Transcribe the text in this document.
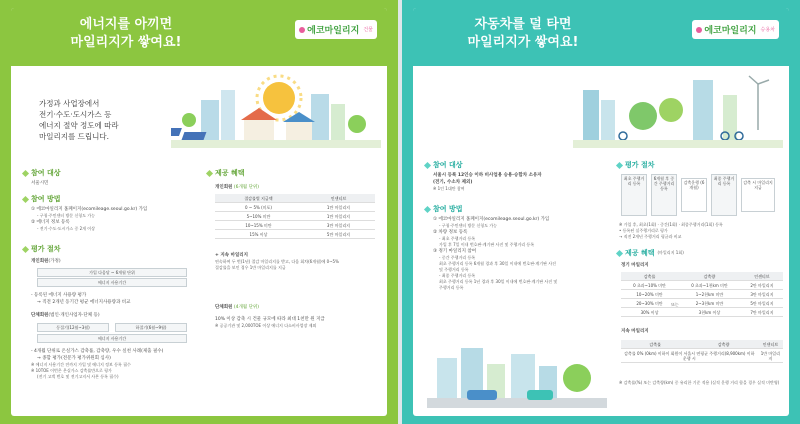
에너지를 아끼면
마일리지가 쌓여요!
에코마일리지 건물
가정과 사업장에서
전기·수도·도시가스 등
에너지 절약 정도에 따라
마일리지를 드립니다.
참여 대상
서울시민
참여 방법
① 에코마일리지 홈페이지(ecomileage.seoul.go.kr) 가입
- 구청·주민센터 방문 신청도 가능
② 에너지 정보 등록
- 전기·수도·도시가스 중 2개 이상
평가 절차
개인회원(가정)
가입 다음달 ~ 6개월 단위
에너지 사용기간
- 등록된 에너지 사용량 평가
→ 직전 2개년 동기간 평균 에너지사용량과 비교
단체회원(법인·개인사업자·단체 등)
동절기(12월~3월)	하절기(6월~9월)
에너지 사용기간
- 4개월 단위로 온실가스 감축률, 감축량, 우수 실천 사례(제출 필수)
→ 종합 평가(전문가 평가위원회 심사)
※ 에너지 사용기간 전까지 가입 및 에너지 정보 등록 필수
※ 10TOE 이번은 온실가스 감축률만으로 평가
(전기 고객 번호 및 전기고지서 사본 등록 필수)
제공 혜택
개인회원 (6개월 단위)
절감률별 지급액	인센티브
0 ~ 5% (미포)	1만 마일리지
5~10% 미만	1만 마일리지
10~15% 미만	3만 마일리지
15% 이상	5만 마일리지
+ 지속 마일리지
연속하여 두 번(1년) 절감 마일리지를 받고, 다음 회차(6개월)에 0~5%
절감률을 보인 경우 1만 마일리지를 지급
단체회원 (4개월 단위)
10% 이상 감축 시 건물 규모에 따라 최대 1천만 원 지급
※ 공공기관 및 2,000TOE 이상 에너지 다소비사업장 제외
자동차를 덜 타면
마일리지가 쌓여요!
에코마일리지 승용차
참여 대상
서울시 등록 12인승 이하 비사업용 승용·승합차 소유자
(전기, 수소차 제외)
※ 1인 1대만 참여
참여 방법
① 에코마일리지 홈페이지(ecomileage.seoul.go.kr) 가입
- 구청·주민센터 방문 신청도 가능
② 차량 정보 등록
- 최초 주행거리 등록
가입 후 7일 이내 번호판·계기판 사진 및 주행거리 등록
③ 정기 마일리지 참여
- 중간 주행거리 등록
최초 주행거리 등록 6개월 경과 후 30일 이내에 번호판·계기판 사진
및 주행거리 등록
- 최종 주행거리 등록
최초 주행거리 등록 1년 경과 후 30일 이내에 번호판·계기판 사진 및
주행거리 등록
평가 절차
최초 주행거리 등록
6개월 후 중간 주행거리 등록
감축운행 (6개월)
최종 주행거리 등록	감축 시 마일리지 지급
※ 가입 후, 최초(1회) · 중간(1회) · 최종주행거리(1회) 등록
• 등록된 실주행거리로 평가
→ 직전 2개년 주행거리 평균과 비교
제공 혜택 (마일리지 1회)
정기 마일리지
감축률	감축량	인센티브
0 초과~10% 미만	0 초과~1천km 미만	2만 마일리지
10~20% 미만	1~2천km 미만	3만 마일리지
20~30% 미만	2~3천km 미만	5만 마일리지
30% 이상	3천km 이상	7만 마일리지
또는
지속 마일리지
감축률	감축량	인센티브
감축률 0% (0km) 이하이 회원이 서울시 연평균 주행거리(8,900km) 이하 운행 시		1만 마일리지
※ 감축률(%) 또는 감축량(km) 중 유리한 기준 적용 (실적 운행 거리 합을 경우 실적 미반영)
